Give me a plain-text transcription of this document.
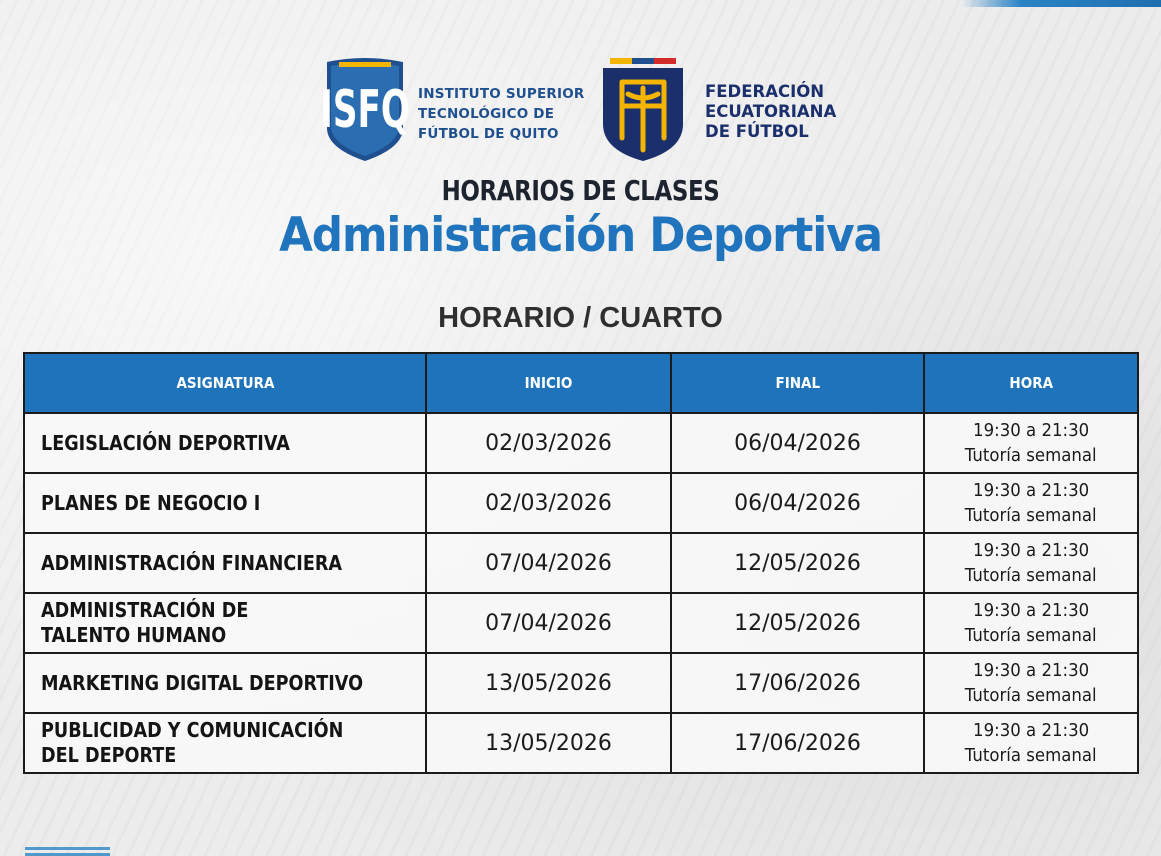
ISFQ INSTITUTO SUPERIOR
TECNOLÓGICO DE
FÚTBOL DE QUITO
FEDERACIÓN
ECUATORIANA
DE FÚTBOL
HORARIOS DE CLASES
Administración Deportiva
HORARIO / CUARTO
ASIGNATURA	INICIO	FINAL	HORA
LEGISLACIÓN DEPORTIVA	02/03/2026	06/04/2026	19:30 a 21:30
Tutoría semanal
PLANES DE NEGOCIO I	02/03/2026	06/04/2026	19:30 a 21:30
Tutoría semanal
ADMINISTRACIÓN FINANCIERA	07/04/2026	12/05/2026	19:30 a 21:30
Tutoría semanal
ADMINISTRACIÓN DE
TALENTO HUMANO	07/04/2026	12/05/2026	19:30 a 21:30
Tutoría semanal
MARKETING DIGITAL DEPORTIVO	13/05/2026	17/06/2026	19:30 a 21:30
Tutoría semanal
PUBLICIDAD Y COMUNICACIÓN
DEL DEPORTE	13/05/2026	17/06/2026	19:30 a 21:30
Tutoría semanal
